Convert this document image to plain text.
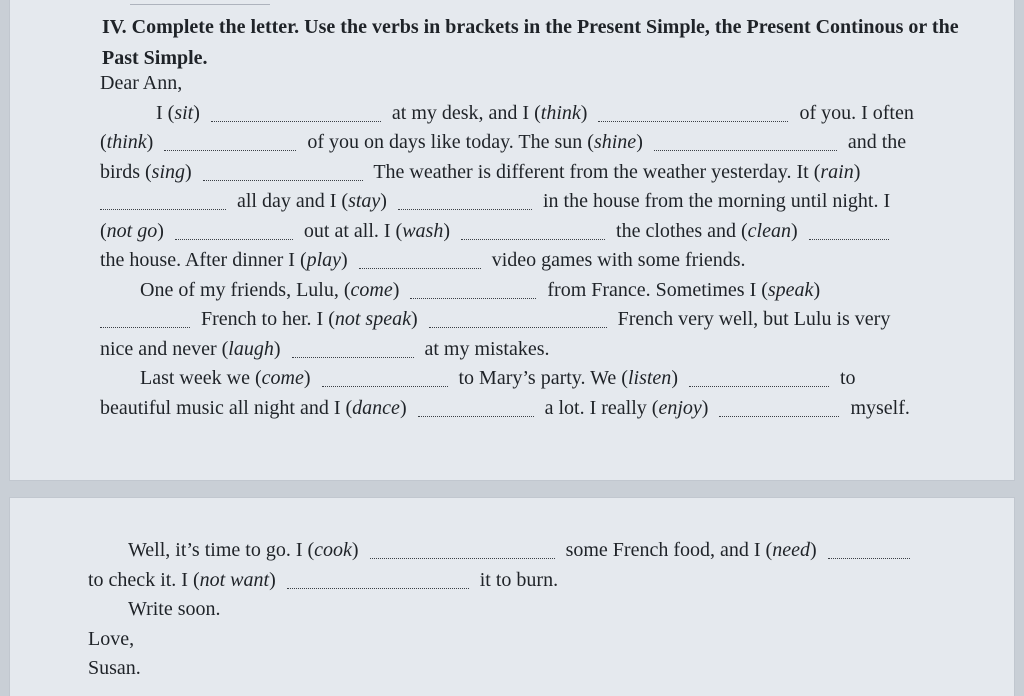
IV. Complete the letter. Use the verbs in brackets in the Present Simple, the Present Continous or the Past Simple.
Dear Ann,
I (sit)	at my desk, and I (think)	of you. I often
(think)	of you on days like today. The sun (shine)	and the
birds (sing)	The weather is different from the weather yesterday. It (rain)
all day and I (stay)	in the house from the morning until night. I
(not go)	out at all. I (wash)	the clothes and (clean)
the house. After dinner I (play)	video games with some friends.
One of my friends, Lulu, (come)	from France. Sometimes I (speak)
French to her. I (not speak)	French very well, but Lulu is very
nice and never (laugh)	at my mistakes.
Last week we (come)	to Mary’s party. We (listen)	to
beautiful music all night and I (dance)	a lot. I really (enjoy)	myself.
Well, it’s time to go. I (cook)	some French food, and I (need)
to check it. I (not want)	it to burn.
Write soon.
Love,
Susan.
